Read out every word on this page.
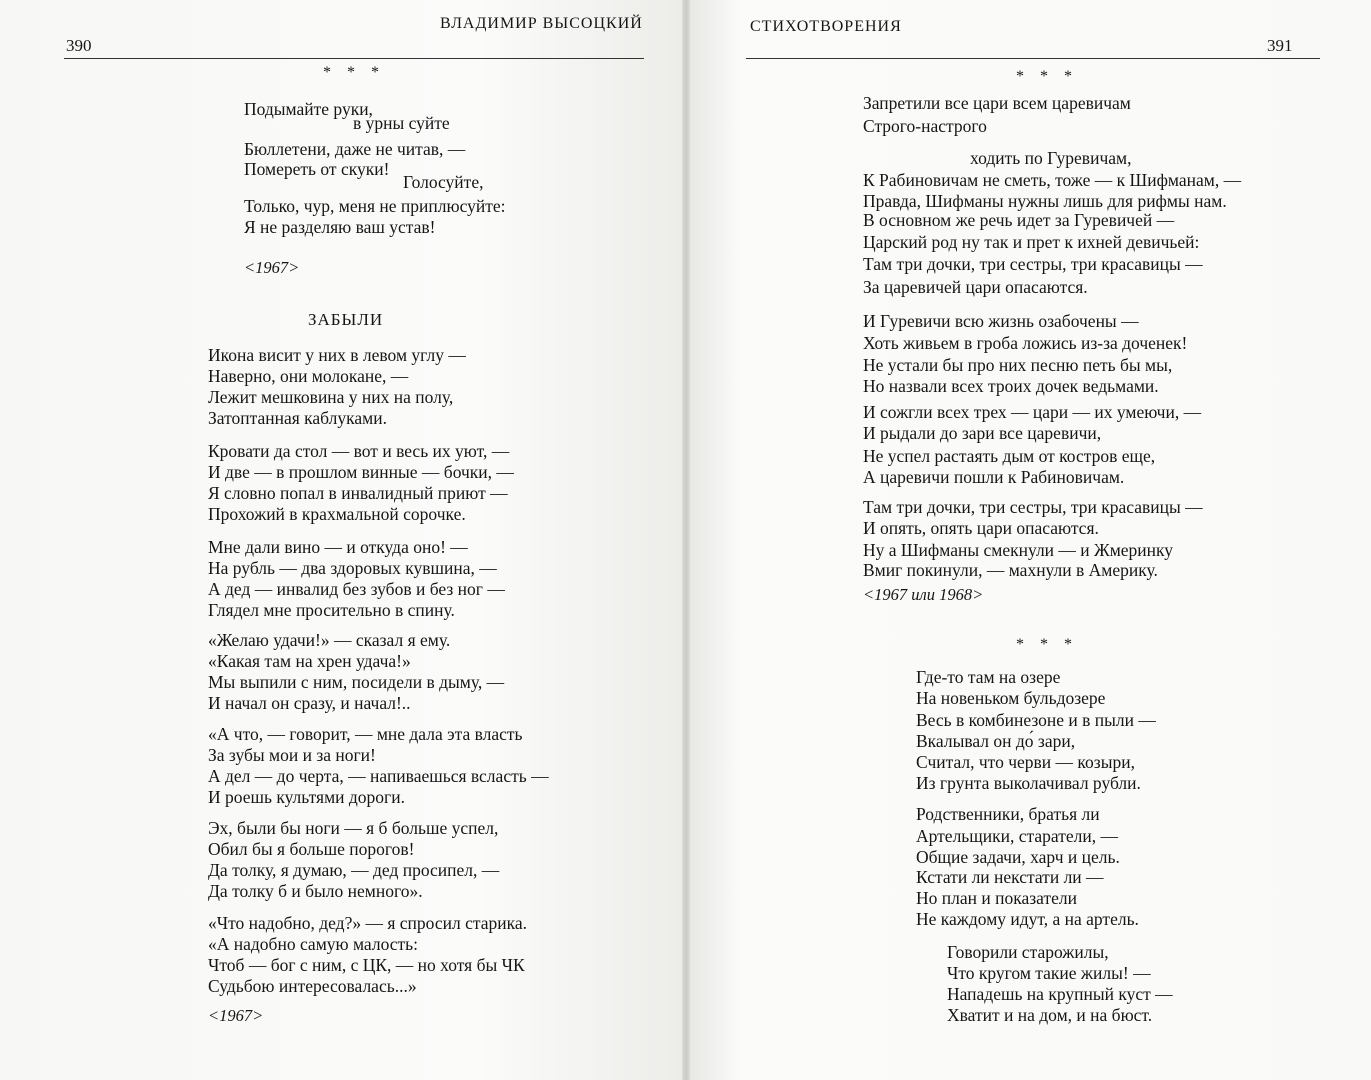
390
ВЛАДИМИР ВЫСОЦКИЙ
* * *
Подымайте руки,
в урны суйте
Бюллетени, даже не читав, —
Помереть от скуки!
Голосуйте,
Только, чур, меня не приплюсуйте:
Я не разделяю ваш устав!
<1967>
ЗАБЫЛИ
Икона висит у них в левом углу —
Наверно, они молокане, —
Лежит мешковина у них на полу,
Затоптанная каблуками.
Кровати да стол — вот и весь их уют, —
И две — в прошлом винные — бочки, —
Я словно попал в инвалидный приют —
Прохожий в крахмальной сорочке.
Мне дали вино — и откуда оно! —
На рубль — два здоровых кувшина, —
А дед — инвалид без зубов и без ног —
Глядел мне просительно в спину.
«Желаю удачи!» — сказал я ему.
«Какая там на хрен удача!»
Мы выпили с ним, посидели в дыму, —
И начал он сразу, и начал!..
«А что, — говорит, — мне дала эта власть
За зубы мои и за ноги!
А дел — до черта, — напиваешься всласть —
И роешь культями дороги.
Эх, были бы ноги — я б больше успел,
Обил бы я больше порогов!
Да толку, я думаю, — дед просипел, —
Да толку б и было немного».
«Что надобно, дед?» — я спросил старика.
«А надобно самую малость:
Чтоб — бог с ним, с ЦК, — но хотя бы ЧК
Судьбою интересовалась...»
<1967>
СТИХОТВОРЕНИЯ
391
* * *
Запретили все цари всем царевичам
Строго-настрого
ходить по Гуревичам,
К Рабиновичам не сметь, тоже — к Шифманам, —
Правда, Шифманы нужны лишь для рифмы нам.
В основном же речь идет за Гуревичей —
Царский род ну так и прет к ихней девичьей:
Там три дочки, три сестры, три красавицы —
За царевичей цари опасаются.
И Гуревичи всю жизнь озабочены —
Хоть живьем в гроба ложись из-за доченек!
Не устали бы про них песню петь бы мы,
Но назвали всех троих дочек ведьмами.
И сожгли всех трех — цари — их умеючи, —
И рыдали до зари все царевичи,
Не успел растаять дым от костров еще,
А царевичи пошли к Рабиновичам.
Там три дочки, три сестры, три красавицы —
И опять, опять цари опасаются.
Ну а Шифманы смекнули — и Жмеринку
Вмиг покинули, — махнули в Америку.
<1967 или 1968>
* * *
Где-то там на озере
На новеньком бульдозере
Весь в комбинезоне и в пыли —
Вкалывал он до́ зари,
Считал, что черви — козыри,
Из грунта выколачивал рубли.
Родственники, братья ли
Артельщики, старатели, —
Общие задачи, харч и цель.
Кстати ли некстати ли —
Но план и показатели
Не каждому идут, а на артель.
Говорили старожилы,
Что кругом такие жилы! —
Нападешь на крупный куст —
Хватит и на дом, и на бюст.
